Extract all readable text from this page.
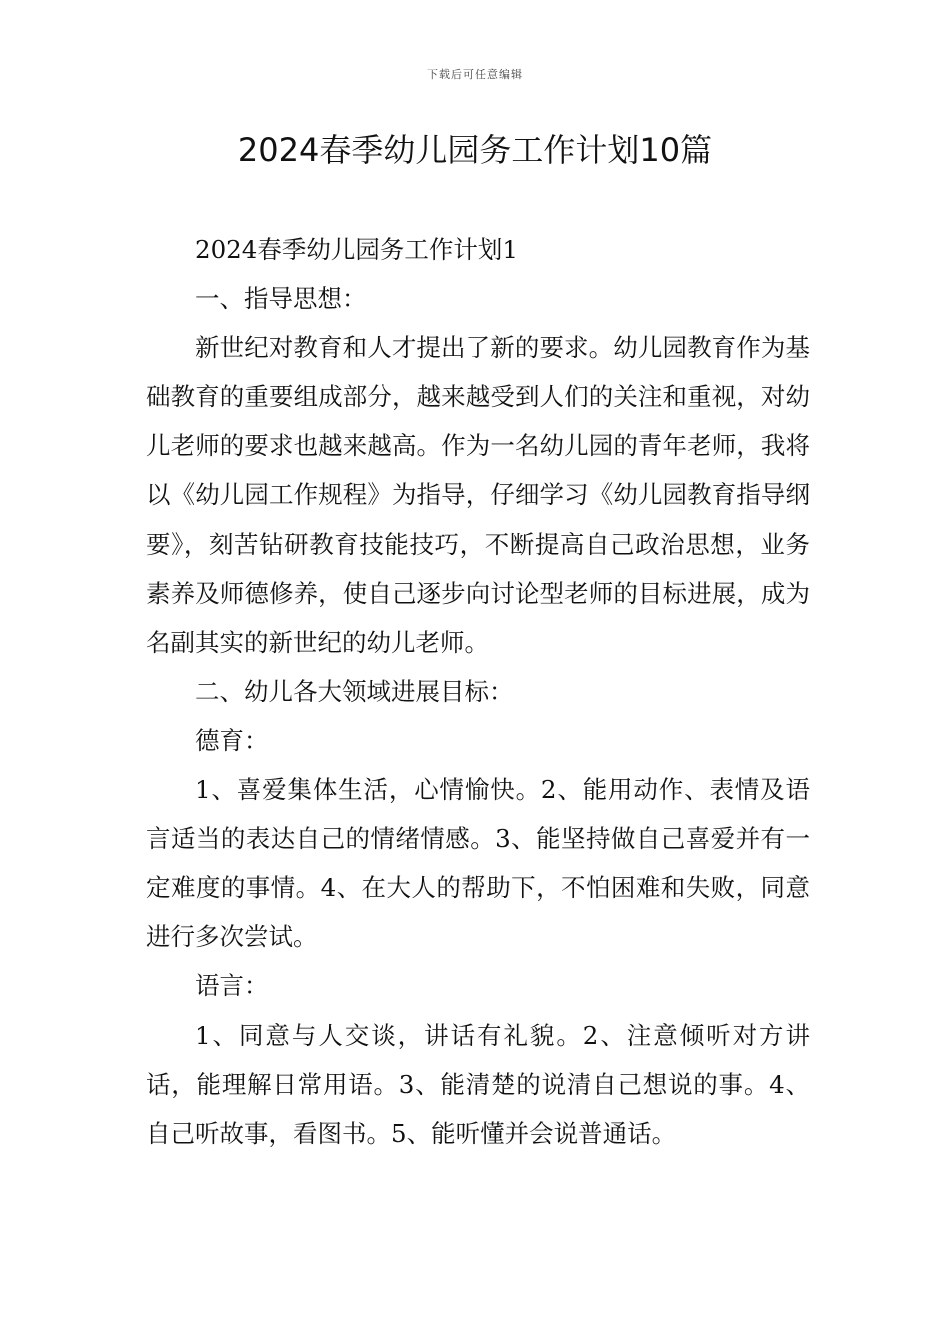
下载后可任意编辑
2024春季幼儿园务工作计划10篇

2024春季幼儿园务工作计划1

一、指导思想：

新世纪对教育和人才提出了新的要求。幼儿园教育作为基础教育的重要组成部分，越来越受到人们的关注和重视，对幼儿老师的要求也越来越高。作为一名幼儿园的青年老师，我将以《幼儿园工作规程》为指导，仔细学习《幼儿园教育指导纲要》，刻苦钻研教育技能技巧，不断提高自己政治思想，业务素养及师德修养，使自己逐步向讨论型老师的目标进展，成为名副其实的新世纪的幼儿老师。

二、幼儿各大领域进展目标：

德育：

1、喜爱集体生活，心情愉快。2、能用动作、表情及语言适当的表达自己的情绪情感。3、能坚持做自己喜爱并有一定难度的事情。4、在大人的帮助下，不怕困难和失败，同意进行多次尝试。

语言：

1、同意与人交谈，讲话有礼貌。2、注意倾听对方讲话，能理解日常用语。3、能清楚的说清自己想说的事。4、自己听故事，看图书。5、能听懂并会说普通话。
